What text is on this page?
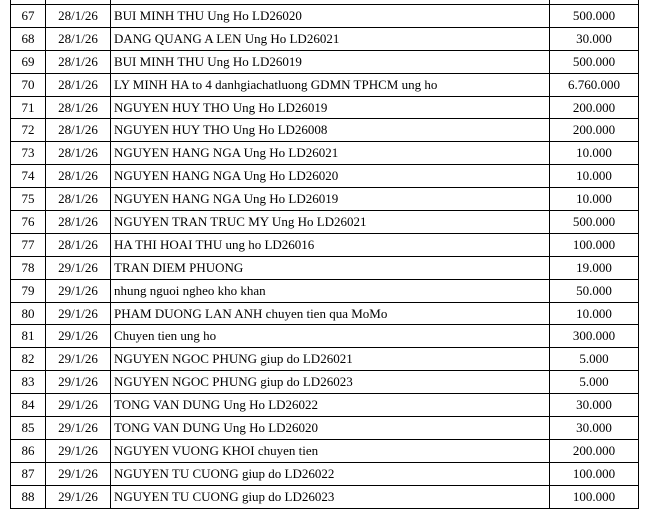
67	28/1/26	BUI MINH THU Ung Ho LD26020	500.000
68	28/1/26	DANG QUANG A LEN Ung Ho LD26021	30.000
69	28/1/26	BUI MINH THU Ung Ho LD26019	500.000
70	28/1/26	LY MINH HA to 4 danhgiachatluong GDMN TPHCM ung ho	6.760.000
71	28/1/26	NGUYEN HUY THO Ung Ho LD26019	200.000
72	28/1/26	NGUYEN HUY THO Ung Ho LD26008	200.000
73	28/1/26	NGUYEN HANG NGA Ung Ho LD26021	10.000
74	28/1/26	NGUYEN HANG NGA Ung Ho LD26020	10.000
75	28/1/26	NGUYEN HANG NGA Ung Ho LD26019	10.000
76	28/1/26	NGUYEN TRAN TRUC MY Ung Ho LD26021	500.000
77	28/1/26	HA THI HOAI THU ung ho LD26016	100.000
78	29/1/26	TRAN DIEM PHUONG	19.000
79	29/1/26	nhung nguoi ngheo kho khan	50.000
80	29/1/26	PHAM DUONG LAN ANH chuyen tien qua MoMo	10.000
81	29/1/26	Chuyen tien ung ho	300.000
82	29/1/26	NGUYEN NGOC PHUNG giup do LD26021	5.000
83	29/1/26	NGUYEN NGOC PHUNG giup do LD26023	5.000
84	29/1/26	TONG VAN DUNG Ung Ho LD26022	30.000
85	29/1/26	TONG VAN DUNG Ung Ho LD26020	30.000
86	29/1/26	NGUYEN VUONG KHOI chuyen tien	200.000
87	29/1/26	NGUYEN TU CUONG giup do LD26022	100.000
88	29/1/26	NGUYEN TU CUONG giup do LD26023	100.000
